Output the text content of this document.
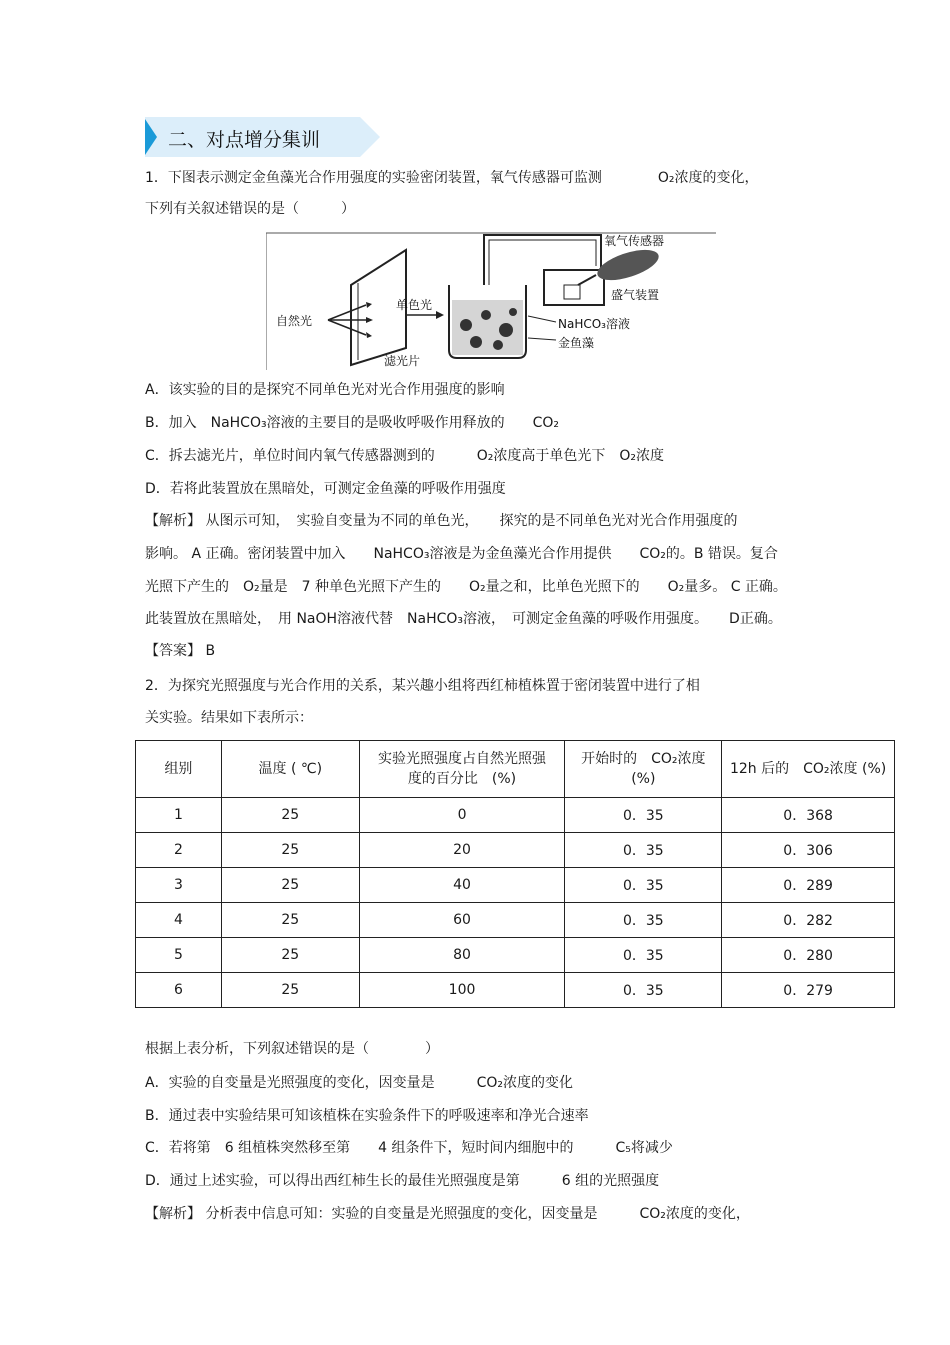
二、对点增分集训
1．下图表示测定金鱼藻光合作用强度的实验密闭装置，氧气传感器可监测　　　　O₂浓度的变化，
下列有关叙述错误的是（　　　）
氧气传感器
自然光
单色光
盛气装置
NaHCO₃溶液
金鱼藻
滤光片
A．该实验的目的是探究不同单色光对光合作用强度的影响
B．加入　NaHCO₃溶液的主要目的是吸收呼吸作用释放的　　CO₂
C．拆去滤光片，单位时间内氧气传感器测到的　　　O₂浓度高于单色光下　O₂浓度
D．若将此装置放在黑暗处，可测定金鱼藻的呼吸作用强度
【解析】 从图示可知，　实验自变量为不同的单色光，　　探究的是不同单色光对光合作用强度的
影响。 A 正确。密闭装置中加入　　NaHCO₃溶液是为金鱼藻光合作用提供　　CO₂的。B 错误。复合
光照下产生的　O₂量是　7 种单色光照下产生的　　O₂量之和，比单色光照下的　　O₂量多。 C 正确。
此装置放在黑暗处，　用 NaOH溶液代替　NaHCO₃溶液，　可测定金鱼藻的呼吸作用强度。　　D正确。
【答案】 B
2．为探究光照强度与光合作用的关系，某兴趣小组将西红柿植株置于密闭装置中进行了相
关实验。结果如下表所示：
组别	温度 ( ℃)	实验光照强度占自然光照强度的百分比　(%)	开始时的　CO₂浓度(%)	12h 后的　CO₂浓度 (%)
1	25	0	0．35	0．368
2	25	20	0．35	0．306
3	25	40	0．35	0．289
4	25	60	0．35	0．282
5	25	80	0．35	0．280
6	25	100	0．35	0．279
根据上表分析，下列叙述错误的是（　　　　）
A．实验的自变量是光照强度的变化，因变量是　　　CO₂浓度的变化
B．通过表中实验结果可知该植株在实验条件下的呼吸速率和净光合速率
C．若将第　6 组植株突然移至第　　4 组条件下，短时间内细胞中的　　　C₅将减少
D．通过上述实验，可以得出西红柿生长的最佳光照强度是第　　　6 组的光照强度
【解析】 分析表中信息可知：实验的自变量是光照强度的变化，因变量是　　　CO₂浓度的变化，
